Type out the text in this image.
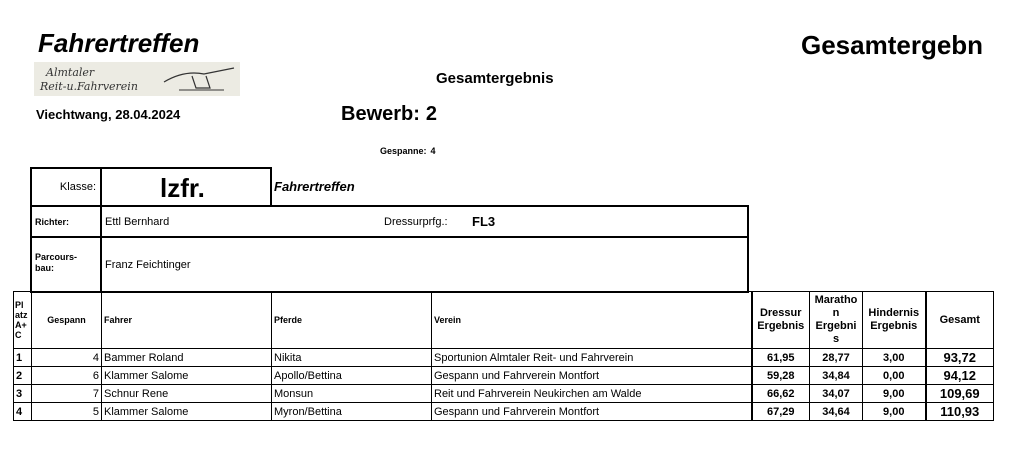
Fahrertreffen	Gesamtergebn
Almtaler
Reit-u.Fahrverein	Gesamtergebnis
Viechtwang, 28.04.2024	Bewerb: 2
Gespanne: 4
Klasse: lzfr.	Fahrertreffen
Richter:	Ettl Bernhard	Dressurprfg.: FL3
Parcours-
bau:	Franz Feichtinger
Pl
atz
A+
C	Gespann	Fahrer	Pferde	Verein	Dressur Ergebnis	Maratho n Ergebni s	Hindernis Ergebnis	Gesamt
1	4	Bammer Roland	Nikita	Sportunion Almtaler Reit- und Fahrverein	61,95	28,77	3,00	93,72
2	6	Klammer Salome	Apollo/Bettina	Gespann und Fahrverein Montfort	59,28	34,84	0,00	94,12
3	7	Schnur Rene	Monsun	Reit und Fahrverein Neukirchen am Walde	66,62	34,07	9,00	109,69
4	5	Klammer Salome	Myron/Bettina	Gespann und Fahrverein Montfort	67,29	34,64	9,00	110,93
